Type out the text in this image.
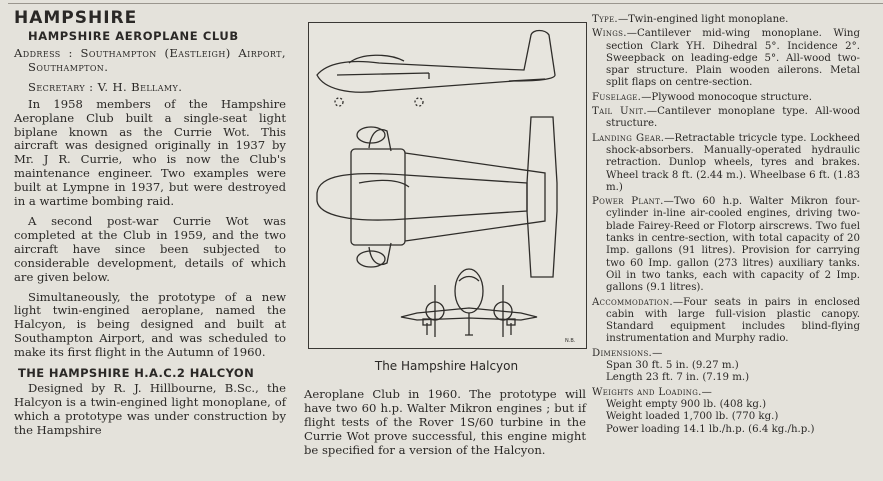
HAMPSHIRE
HAMPSHIRE AEROPLANE CLUB

Address : Southampton (Eastleigh) Airport, Southampton.

Secretary : V. H. Bellamy.

In 1958 members of the Hampshire Aeroplane Club built a single-seat light biplane known as the Currie Wot. This aircraft was designed originally in 1937 by Mr. J R. Currie, who is now the Club's maintenance engineer. Two examples were built at Lympne in 1937, but were destroyed in a wartime bombing raid.

A second post-war Currie Wot was completed at the Club in 1959, and the two aircraft have since been subjected to considerable development, details of which are given below.

Simultaneously, the prototype of a new light twin-engined aeroplane, named the Halcyon, is being designed and built at Southampton Airport, and was scheduled to make its first flight in the Autumn of 1960.

THE HAMPSHIRE H.A.C.2 HALCYON

Designed by R. J. Hillbourne, B.Sc., the Halcyon is a twin-engined light monoplane, of which a prototype was under construction by the Hampshire

N.B.
The Hampshire Halcyon

Aeroplane Club in 1960. The prototype will have two 60 h.p. Walter Mikron engines ; but if flight tests of the Rover 1S/60 turbine in the Currie Wot prove successful, this engine might be specified for a version of the Halcyon.

Type.—Twin-engined light monoplane.

Wings.—Cantilever mid-wing monoplane. Wing section Clark YH. Dihedral 5°. Incidence 2°. Sweepback on leading-edge 5°. All-wood two-spar structure. Plain wooden ailerons. Metal split flaps on centre-section.

Fuselage.—Plywood monocoque structure.

Tail Unit.—Cantilever monoplane type. All-wood structure.

Landing Gear.—Retractable tricycle type. Lockheed shock-absorbers. Manually-operated hydraulic retraction. Dunlop wheels, tyres and brakes. Wheel track 8 ft. (2.44 m.). Wheelbase 6 ft. (1.83 m.)

Power Plant.—Two 60 h.p. Walter Mikron four-cylinder in-line air-cooled engines, driving two-blade Fairey-Reed or Flotorp airscrews. Two fuel tanks in centre-section, with total capacity of 20 Imp. gallons (91 litres). Provision for carrying two 60 Imp. gallon (273 litres) auxiliary tanks. Oil in two tanks, each with capacity of 2 Imp. gallons (9.1 litres).

Accommodation.—Four seats in pairs in enclosed cabin with large full-vision plastic canopy. Standard equipment includes blind-flying instrumentation and Murphy radio.

Dimensions.—

Span 30 ft. 5 in. (9.27 m.)
Length 23 ft. 7 in. (7.19 m.)

Weights and Loading.—

Weight empty 900 lb. (408 kg.)
Weight loaded 1,700 lb. (770 kg.)
Power loading 14.1 lb./h.p. (6.4 kg./h.p.)
